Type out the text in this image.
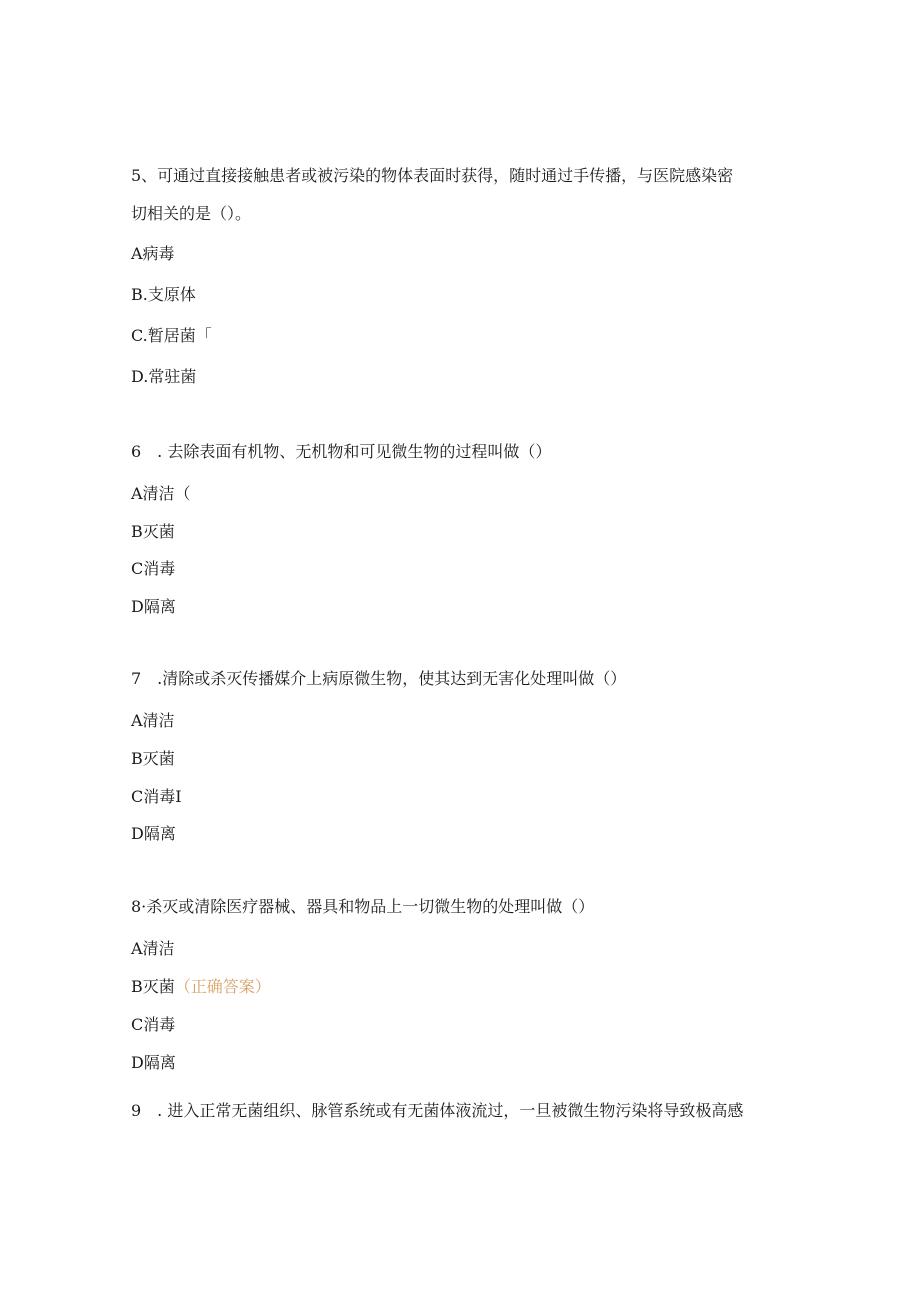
5、可通过直接接触患者或被污染的物体表面时获得，随时通过手传播，与医院感染密
切相关的是（）。
A病毒
B.支原体
C.暂居菌「
D.常驻菌
6　. 去除表面有机物、无机物和可见微生物的过程叫做（）
A清洁（
B灭菌
C消毒
D隔离
7　.清除或杀灭传播媒介上病原微生物，使其达到无害化处理叫做（）
A清洁
B灭菌
C消毒I
D隔离
8·杀灭或清除医疗器械、器具和物品上一切微生物的处理叫做（）
A清洁
B灭菌（正确答案）
C消毒
D隔离
9　. 进入正常无菌组织、脉管系统或有无菌体液流过，一旦被微生物污染将导致极高感
